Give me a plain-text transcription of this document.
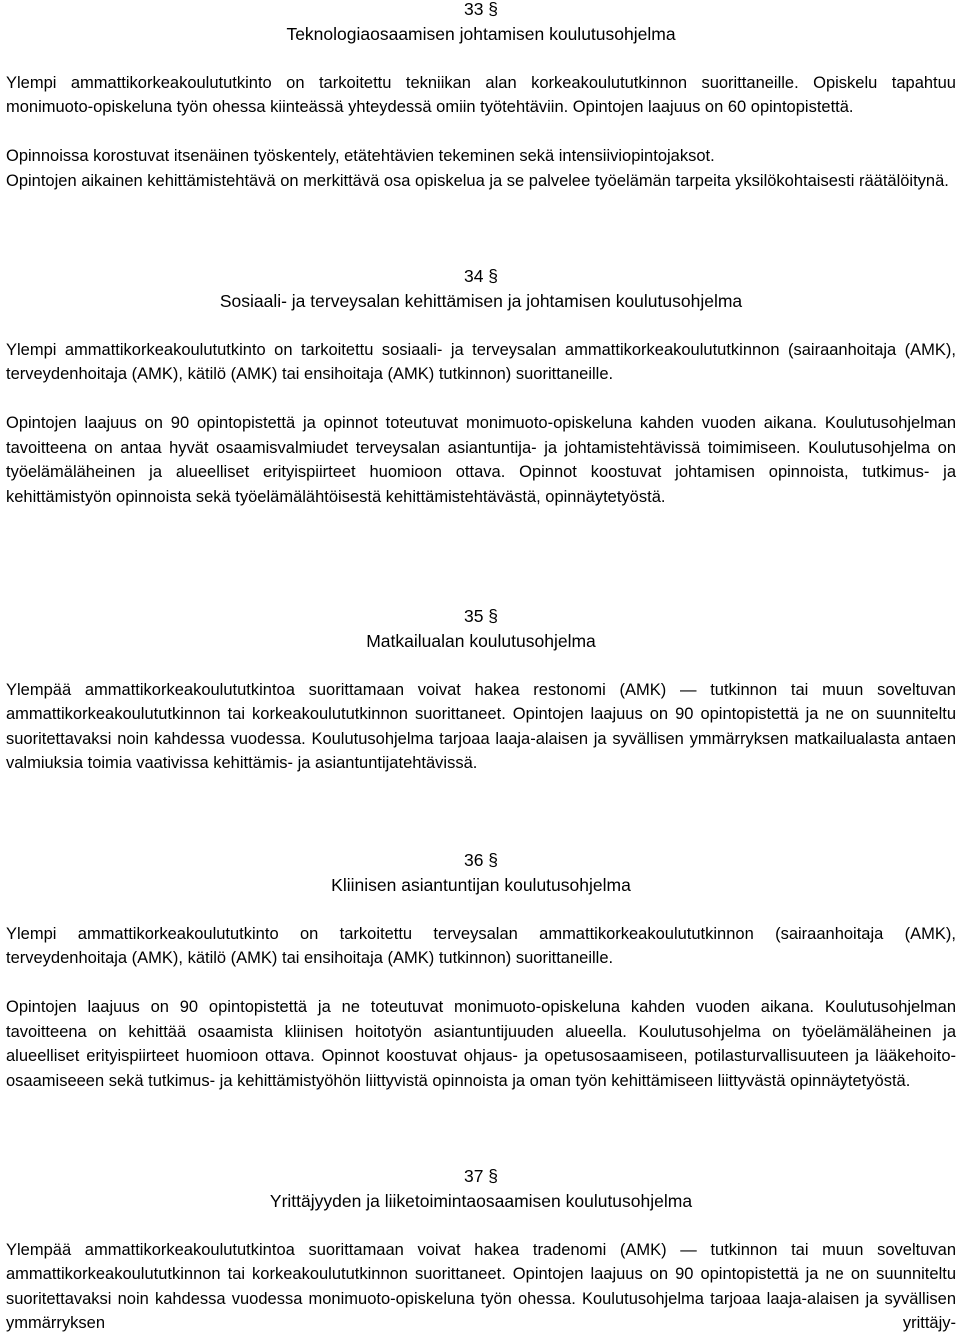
33 §
Teknologiaosaamisen johtamisen koulutusohjelma

Ylempi ammattikorkeakoulututkinto on tarkoitettu tekniikan alan korkeakoulututkinnon suorittaneille. Opiskelu tapahtuu monimuoto-opiskeluna työn ohessa kiinteässä yhteydessä omiin työtehtäviin. Opintojen laajuus on 60 opintopistettä.

Opinnoissa korostuvat itsenäinen työskentely, etätehtävien tekeminen sekä intensiiviopintojaksot.

Opintojen aikainen kehittämistehtävä on merkittävä osa opiskelua ja se palvelee työelämän tarpeita yksilökohtaisesti räätälöitynä.

34 §
Sosiaali- ja terveysalan kehittämisen ja johtamisen koulutusohjelma

Ylempi ammattikorkeakoulututkinto on tarkoitettu sosiaali- ja terveysalan ammattikorkeakoulututkinnon (sairaanhoitaja (AMK), terveydenhoitaja (AMK), kätilö (AMK) tai ensihoitaja (AMK) tutkinnon) suorittaneille.

Opintojen laajuus on 90 opintopistettä ja opinnot toteutuvat monimuoto-opiskeluna kahden vuoden aikana. Koulutusohjelman tavoitteena on antaa hyvät osaamisvalmiudet terveysalan asiantuntija- ja johtamistehtävissä toimimiseen. Koulutusohjelma on työelämäläheinen ja alueelliset erityispiirteet huomioon ottava. Opinnot koostuvat johtamisen opinnoista, tutkimus- ja kehittämistyön opinnoista sekä työelämälähtöisestä kehittämistehtävästä, opinnäytetyöstä.

35 §
Matkailualan koulutusohjelma

Ylempää ammattikorkeakoulututkintoa suorittamaan voivat hakea restonomi (AMK) — tutkinnon tai muun soveltuvan ammattikorkeakoulututkinnon tai korkeakoulututkinnon suorittaneet. Opintojen laajuus on 90 opintopistettä ja ne on suunniteltu suoritettavaksi noin kahdessa vuodessa. Koulutusohjelma tarjoaa laaja-alaisen ja syvällisen ymmärryksen matkailualasta antaen valmiuksia toimia vaativissa kehittämis- ja asiantuntijatehtävissä.

36 §
Kliinisen asiantuntijan koulutusohjelma

Ylempi ammattikorkeakoulututkinto on tarkoitettu terveysalan ammattikorkeakoulututkinnon (sairaanhoitaja (AMK), terveydenhoitaja (AMK), kätilö (AMK) tai ensihoitaja (AMK) tutkinnon) suorittaneille.

Opintojen laajuus on 90 opintopistettä ja ne toteutuvat monimuoto-opiskeluna kahden vuoden aikana. Koulutusohjelman tavoitteena on kehittää osaamista kliinisen hoitotyön asiantuntijuuden alueella. Koulutusohjelma on työelämäläheinen ja alueelliset erityispiirteet huomioon ottava. Opinnot koostuvat ohjaus- ja opetusosaamiseen, potilasturvallisuuteen ja lääkehoito-osaamiseeen sekä tutkimus- ja kehittämistyöhön liittyvistä opinnoista ja oman työn kehittämiseen liittyvästä opinnäytetyöstä.

37 §
Yrittäjyyden ja liiketoimintaosaamisen koulutusohjelma

Ylempää ammattikorkeakoulututkintoa suorittamaan voivat hakea tradenomi (AMK) — tutkinnon tai muun soveltuvan ammattikorkeakoulututkinnon tai korkeakoulututkinnon suorittaneet. Opintojen laajuus on 90 opintopistettä ja ne on suunniteltu suoritettavaksi noin kahdessa vuodessa monimuoto-opiskeluna työn ohessa. Koulutusohjelma tarjoaa laaja-alaisen ja syvällisen ymmärryksen yrittäjy-
